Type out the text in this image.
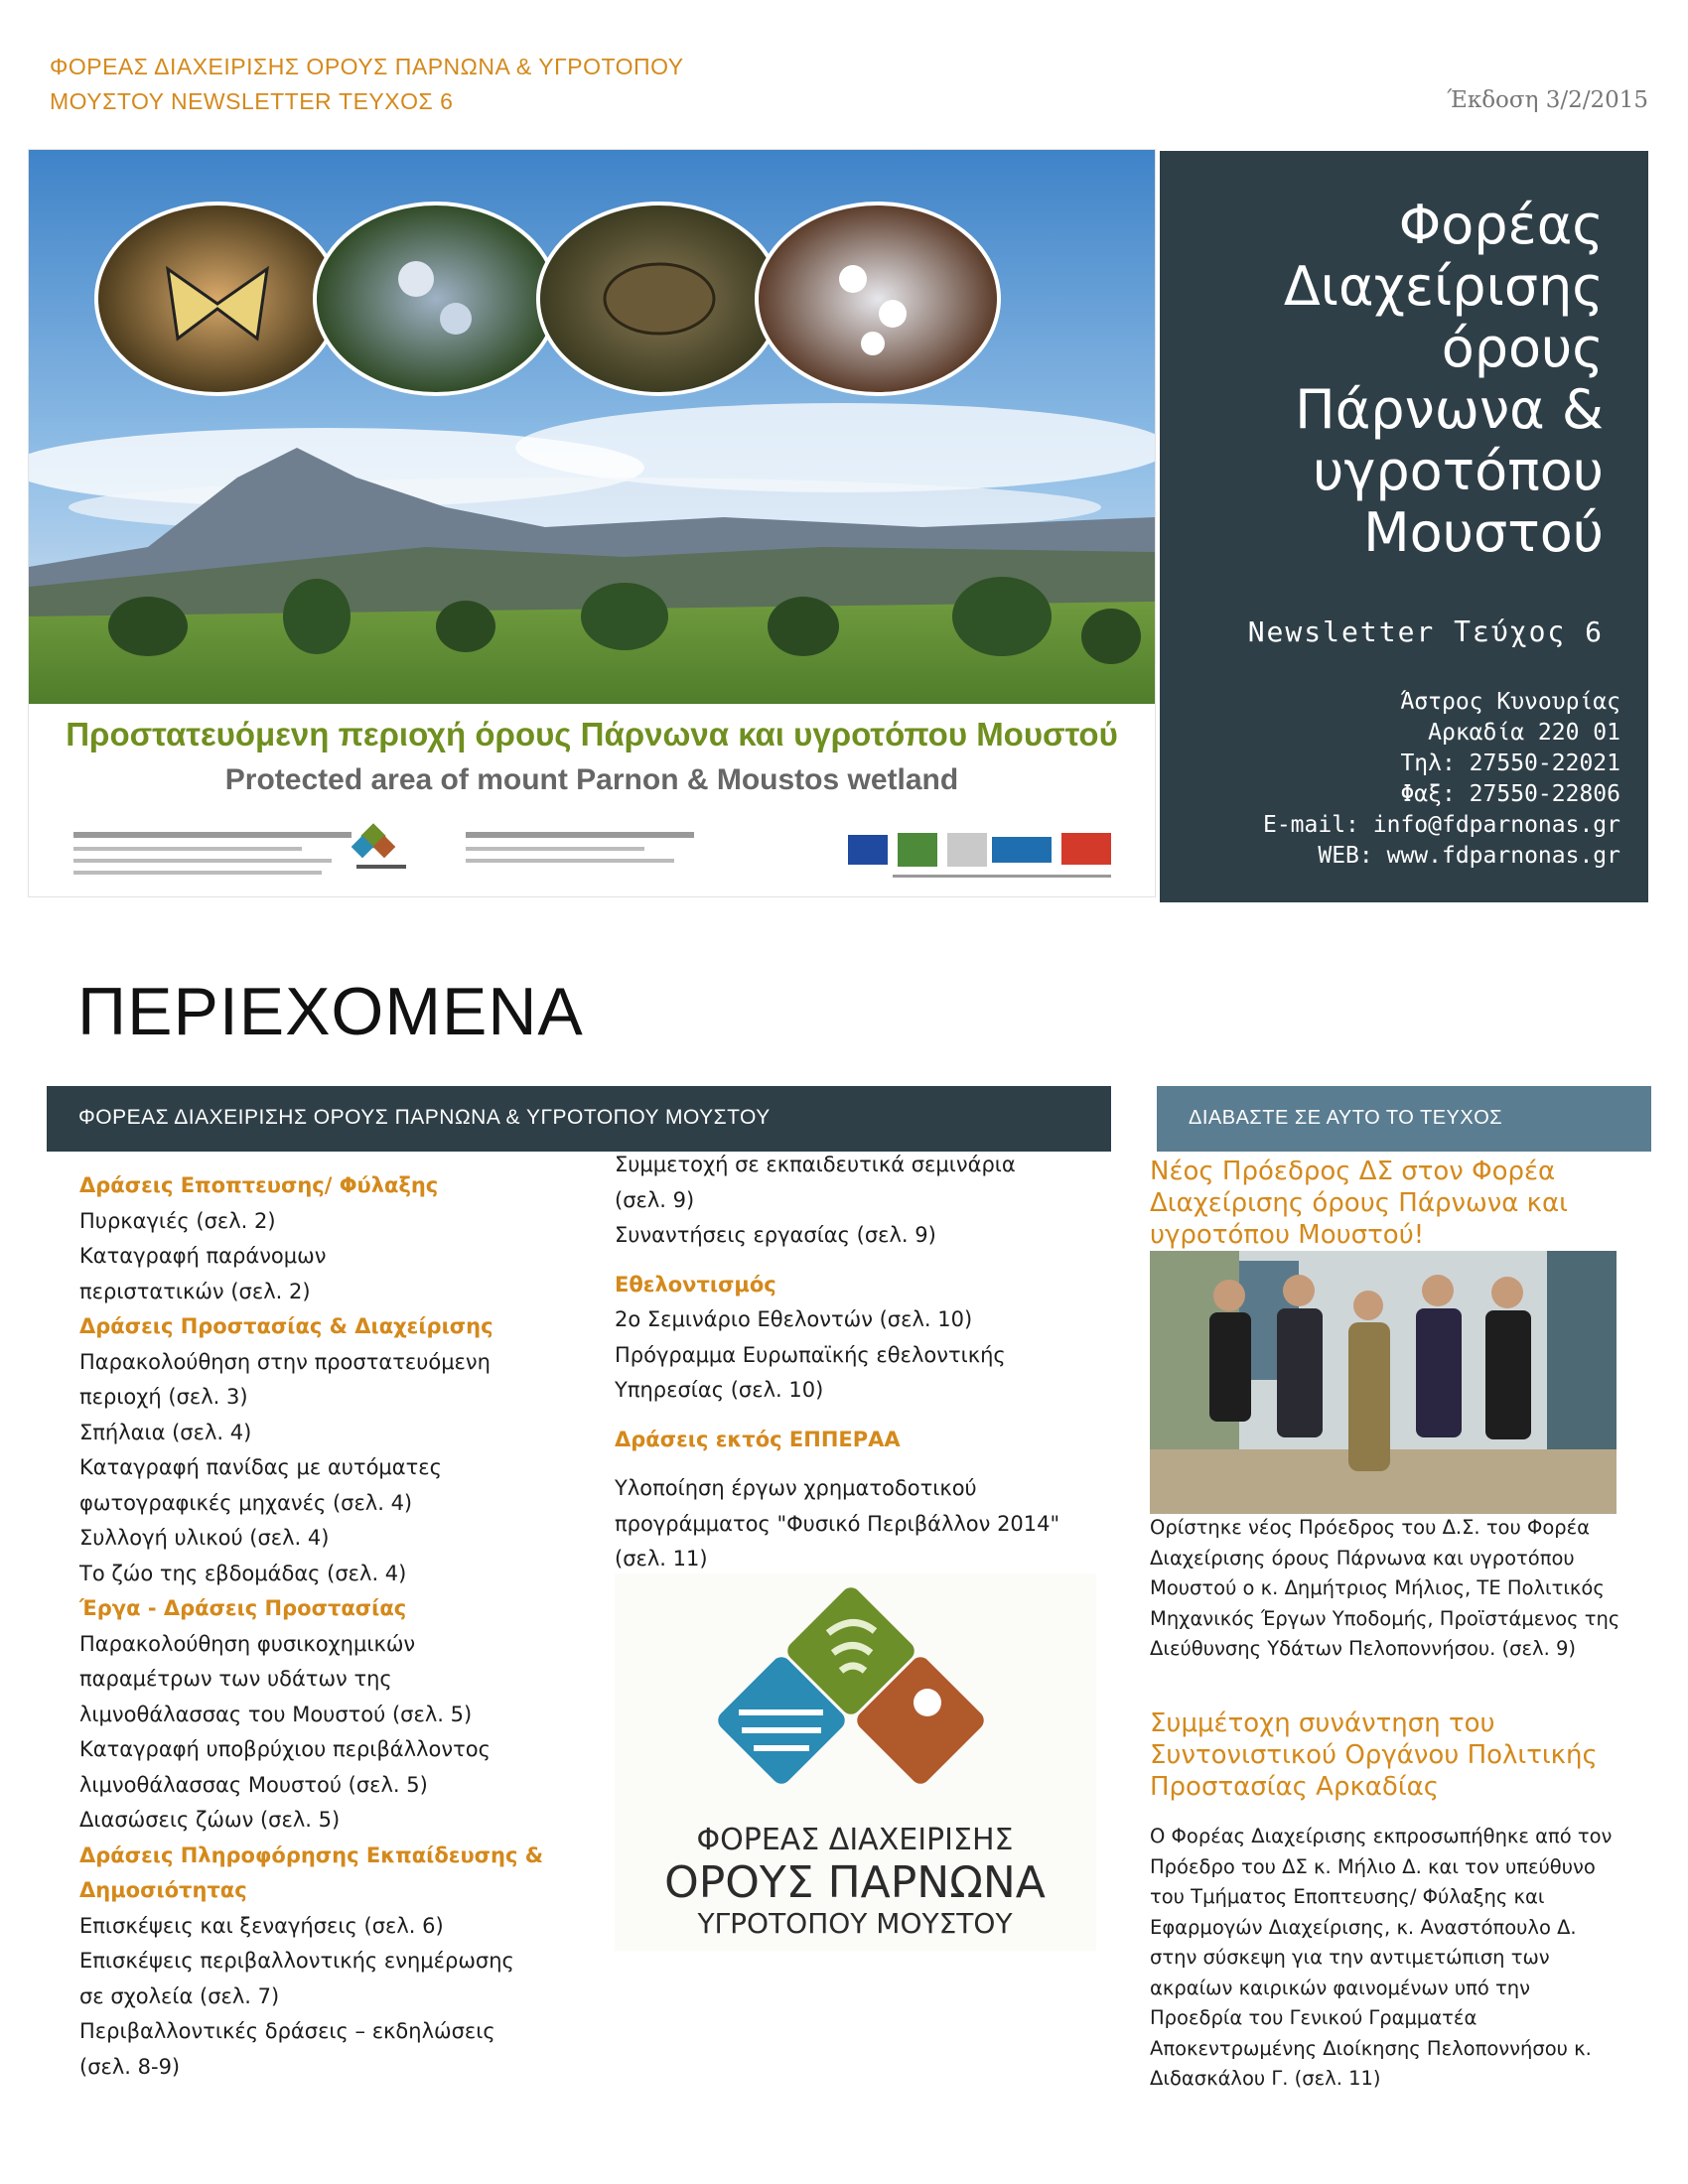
ΦΟΡΕΑΣ ΔΙΑΧΕΙΡΙΣΗΣ ΟΡΟΥΣ ΠΑΡΝΩΝΑ & ΥΓΡΟΤΟΠΟΥ
ΜΟΥΣΤΟΥ NEWSLETTER ΤΕΥΧΟΣ 6	Έκδοση 3/2/2015
Προστατευόμενη περιοχή όρους Πάρνωνα και υγροτόπου Μουστού
Protected area of mount Parnon & Moustos wetland
Φορέας
Διαχείρισης
όρους
Πάρνωνα &
υγροτόπου
Μουστού
Newsletter Τεύχος 6
Άστρος Κυνουρίας
Αρκαδία 220 01
Τηλ: 27550-22021
Φαξ: 27550-22806
E-mail: info@fdparnonas.gr
WEB: www.fdparnonas.gr
ΠΕΡΙΕΧΟΜΕΝΑ
ΦΟΡΕΑΣ ΔΙΑΧΕΙΡΙΣΗΣ ΟΡΟΥΣ ΠΑΡΝΩΝΑ & ΥΓΡΟΤΟΠΟΥ ΜΟΥΣΤΟΥ	ΔΙΑΒΑΣΤΕ ΣΕ ΑΥΤΟ ΤΟ ΤΕΥΧΟΣ
Δράσεις Εποπτευσης/ Φύλαξης
Πυρκαγιές (σελ. 2)
Καταγραφή παράνομων
περιστατικών (σελ. 2)
Δράσεις Προστασίας & Διαχείρισης
Παρακολούθηση στην προστατευόμενη
περιοχή (σελ. 3)
Σπήλαια (σελ. 4)
Καταγραφή πανίδας με αυτόματες
φωτογραφικές μηχανές (σελ. 4)
Συλλογή υλικού (σελ. 4)
Το ζώο της εβδομάδας (σελ. 4)
Έργα - Δράσεις Προστασίας
Παρακολούθηση φυσικοχημικών
παραμέτρων των υδάτων της
λιμνοθάλασσας του Μουστού (σελ. 5)
Καταγραφή υποβρύχιου περιβάλλοντος
λιμνοθάλασσας Μουστού (σελ. 5)
Διασώσεις ζώων (σελ. 5)
Δράσεις Πληροφόρησης Εκπαίδευσης &
Δημοσιότητας
Επισκέψεις και ξεναγήσεις (σελ. 6)
Επισκέψεις περιβαλλοντικής ενημέρωσης
σε σχολεία (σελ. 7)
Περιβαλλοντικές δράσεις – εκδηλώσεις
(σελ. 8-9)
Συμμετοχή σε εκπαιδευτικά σεμινάρια
(σελ. 9)
Συναντήσεις εργασίας (σελ. 9)
Εθελοντισμός
2ο Σεμινάριο Εθελοντών (σελ. 10)
Πρόγραμμα Ευρωπαϊκής εθελοντικής
Υπηρεσίας (σελ. 10)
Δράσεις εκτός ΕΠΠΕΡΑΑ
Υλοποίηση έργων χρηματοδοτικού
προγράμματος "Φυσικό Περιβάλλον 2014"
(σελ. 11)
ΦΟΡΕΑΣ ΔΙΑΧΕΙΡΙΣΗΣ
ΟΡΟΥΣ ΠΑΡΝΩΝΑ
ΥΓΡΟΤΟΠΟΥ ΜΟΥΣΤΟΥ
Νέος Πρόεδρος ΔΣ στον Φορέα Διαχείρισης όρους Πάρνωνα και υγροτόπου Μουστού!
Ορίστηκε νέος Πρόεδρος του Δ.Σ. του Φορέα Διαχείρισης όρους Πάρνωνα και υγροτόπου Μουστού ο κ. Δημήτριος Μήλιος, ΤΕ Πολιτικός Μηχανικός Έργων Υποδομής, Προϊστάμενος της Διεύθυνσης Υδάτων Πελοποννήσου. (σελ. 9)
Συμμέτοχη συνάντηση του Συντονιστικού Οργάνου Πολιτικής Προστασίας Αρκαδίας
Ο Φορέας Διαχείρισης εκπροσωπήθηκε από τον Πρόεδρο του ΔΣ κ. Μήλιο Δ. και τον υπεύθυνο του Τμήματος Εποπτευσης/ Φύλαξης και Εφαρμογών Διαχείρισης, κ. Αναστόπουλο Δ. στην σύσκεψη για την αντιμετώπιση των ακραίων καιρικών φαινομένων υπό την Προεδρία του Γενικού Γραμματέα Αποκεντρωμένης Διοίκησης Πελοποννήσου κ. Διδασκάλου Γ. (σελ. 11)
